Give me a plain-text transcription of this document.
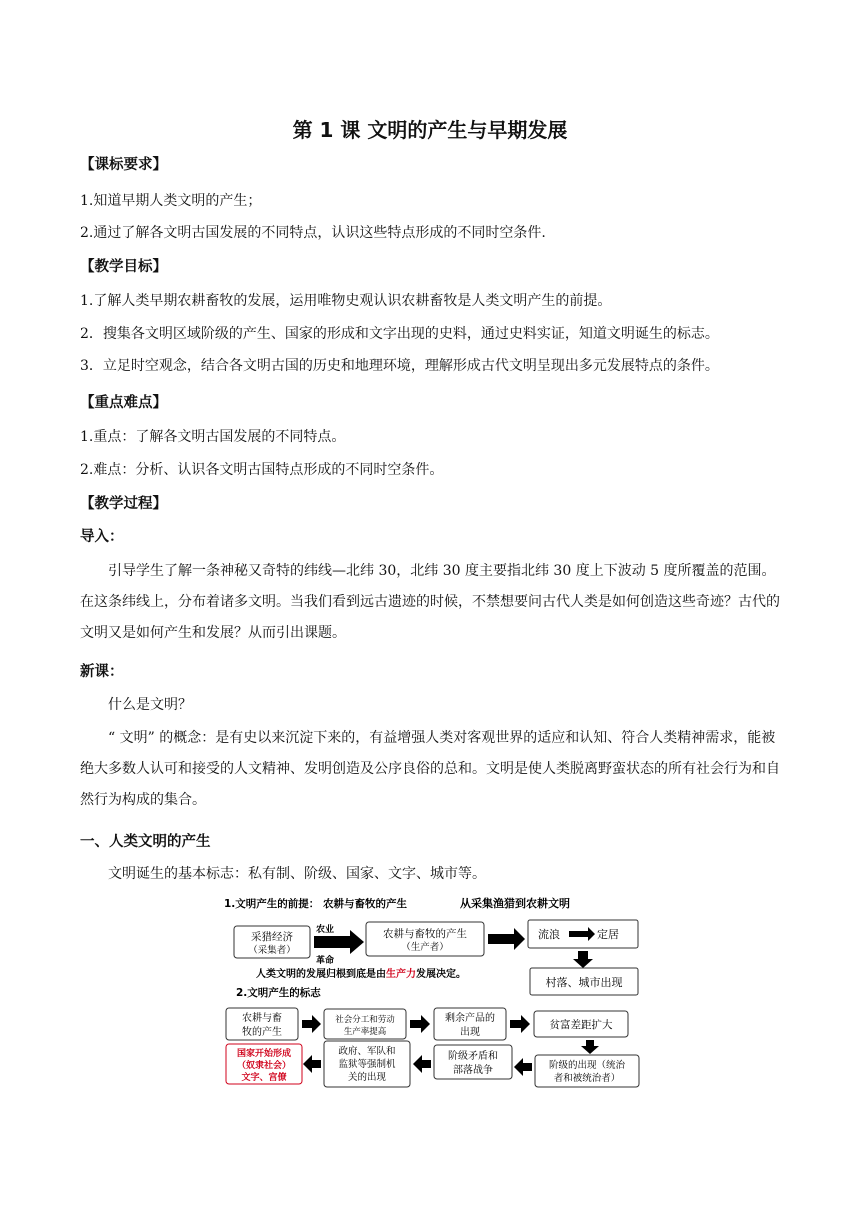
第 1 课 文明的产生与早期发展
【课标要求】
1.知道早期人类文明的产生；
2.通过了解各文明古国发展的不同特点，认识这些特点形成的不同时空条件.
【教学目标】
1.了解人类早期农耕畜牧的发展，运用唯物史观认识农耕畜牧是人类文明产生的前提。
2．搜集各文明区域阶级的产生、国家的形成和文字出现的史料，通过史料实证，知道文明诞生的标志。
3．立足时空观念，结合各文明古国的历史和地理环境，理解形成古代文明呈现出多元发展特点的条件。
【重点难点】
1.重点：了解各文明古国发展的不同特点。
2.难点：分析、认识各文明古国特点形成的不同时空条件。
【教学过程】
导入：
引导学生了解一条神秘又奇特的纬线—北纬 30，北纬 30 度主要指北纬 30 度上下波动 5 度所覆盖的范围。在这条纬线上，分布着诸多文明。当我们看到远古遗迹的时候，不禁想要问古代人类是如何创造这些奇迹？古代的文明又是如何产生和发展？从而引出课题。
新课：
什么是文明？
“ 文明” 的概念：是有史以来沉淀下来的，有益增强人类对客观世界的适应和认知、符合人类精神需求，能被绝大多数人认可和接受的人文精神、发明创造及公序良俗的总和。文明是使人类脱离野蛮状态的所有社会行为和自然行为构成的集合。
一、人类文明的产生
文明诞生的基本标志：私有制、阶级、国家、文字、城市等。
1.文明产生的前提： 农耕与畜牧的产生	从采集渔猎到农耕文明
采猎经济
（采集者）
农业
革命
农耕与畜牧的产生
（生产者）
流浪	定居
村落、城市出现
人类文明的发展归根到底是由生产力发展决定。
2.文明产生的标志
农耕与畜
牧的产生
社会分工和劳动
生产率提高
剩余产品的
出现
贫富差距扩大
国家开始形成
（奴隶社会）
文字、宫僚
政府、军队和
监狱等强制机
关的出现
阶级矛盾和
部落战争	阶级的出现（统治
者和被统治者）
